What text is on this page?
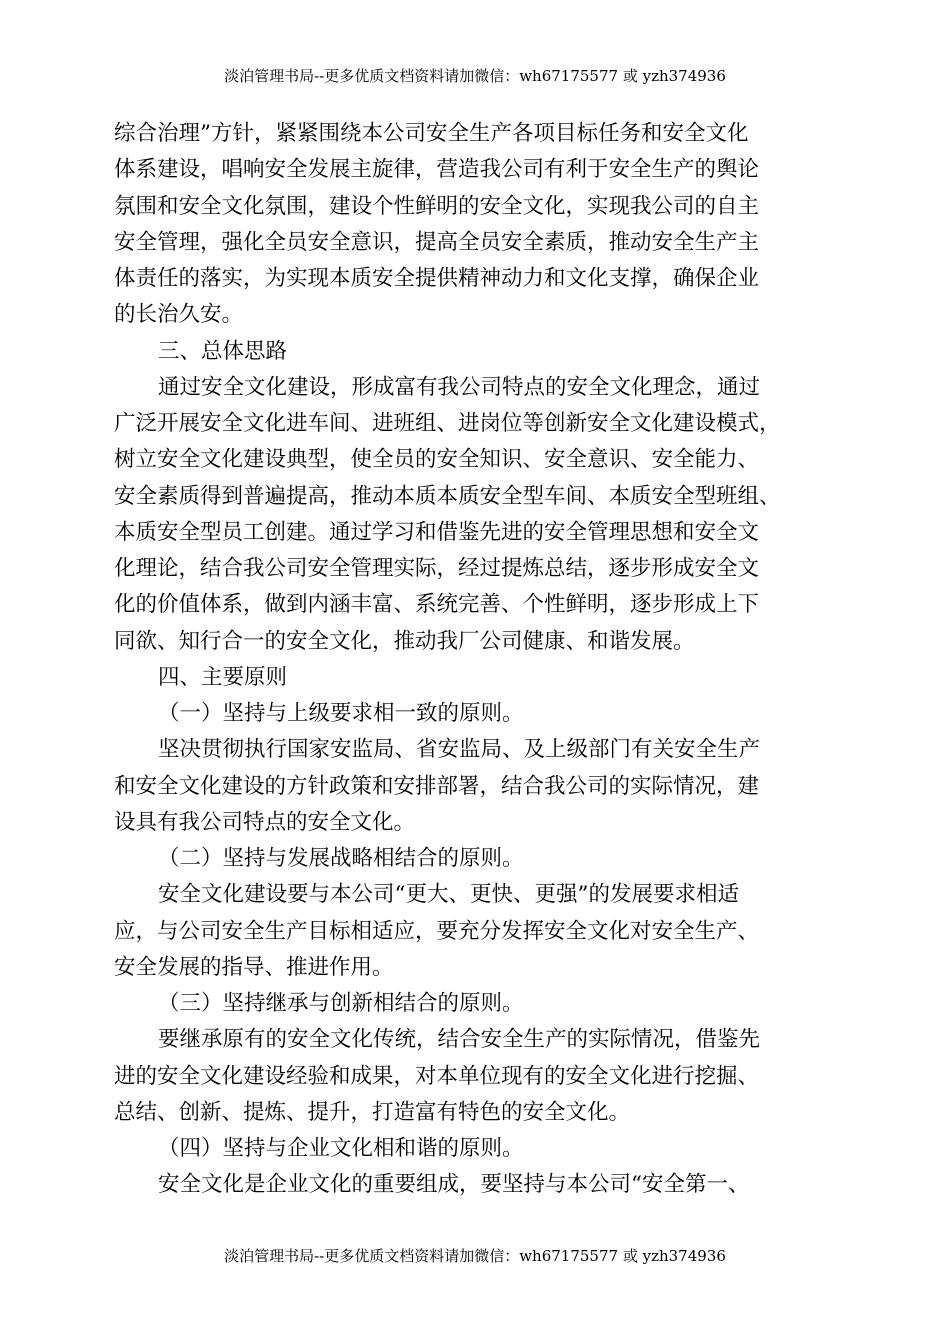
淡泊管理书局--更多优质文档资料请加微信：wh67175577 或 yzh374936
综合治理”方针，紧紧围绕本公司安全生产各项目标任务和安全文化
体系建设，唱响安全发展主旋律，营造我公司有利于安全生产的舆论
氛围和安全文化氛围，建设个性鲜明的安全文化，实现我公司的自主
安全管理，强化全员安全意识，提高全员安全素质，推动安全生产主
体责任的落实，为实现本质安全提供精神动力和文化支撑，确保企业
的长治久安。
三、总体思路
通过安全文化建设，形成富有我公司特点的安全文化理念，通过
广泛开展安全文化进车间、进班组、进岗位等创新安全文化建设模式，
树立安全文化建设典型，使全员的安全知识、安全意识、安全能力、
安全素质得到普遍提高，推动本质本质安全型车间、本质安全型班组、
本质安全型员工创建。通过学习和借鉴先进的安全管理思想和安全文
化理论，结合我公司安全管理实际，经过提炼总结，逐步形成安全文
化的价值体系，做到内涵丰富、系统完善、个性鲜明，逐步形成上下
同欲、知行合一的安全文化，推动我厂公司健康、和谐发展。
四、主要原则
（一）坚持与上级要求相一致的原则。
坚决贯彻执行国家安监局、省安监局、及上级部门有关安全生产
和安全文化建设的方针政策和安排部署，结合我公司的实际情况，建
设具有我公司特点的安全文化。
（二）坚持与发展战略相结合的原则。
安全文化建设要与本公司“更大、更快、更强”的发展要求相适
应，与公司安全生产目标相适应，要充分发挥安全文化对安全生产、
安全发展的指导、推进作用。
（三）坚持继承与创新相结合的原则。
要继承原有的安全文化传统，结合安全生产的实际情况，借鉴先
进的安全文化建设经验和成果，对本单位现有的安全文化进行挖掘、
总结、创新、提炼、提升，打造富有特色的安全文化。
（四）坚持与企业文化相和谐的原则。
安全文化是企业文化的重要组成，要坚持与本公司“安全第一、
淡泊管理书局--更多优质文档资料请加微信：wh67175577 或 yzh374936
